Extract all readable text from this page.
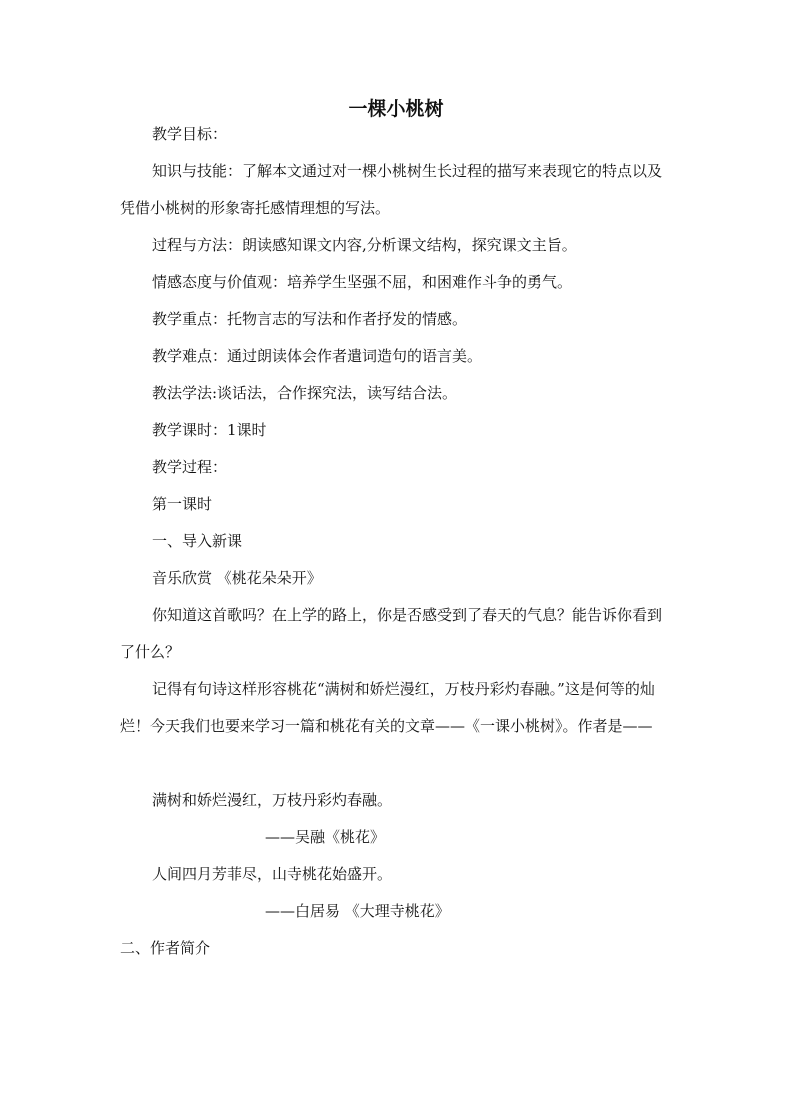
一棵小桃树
教学目标：
知识与技能：了解本文通过对一棵小桃树生长过程的描写来表现它的特点以及凭借小桃树的形象寄托感情理想的写法。
过程与方法：朗读感知课文内容,分析课文结构，探究课文主旨。
情感态度与价值观：培养学生坚强不屈，和困难作斗争的勇气。
教学重点：托物言志的写法和作者抒发的情感。
教学难点：通过朗读体会作者遣词造句的语言美。
教法学法:谈话法，合作探究法，读写结合法。
教学课时：1课时
教学过程：
第一课时
一、导入新课
音乐欣赏 《桃花朵朵开》
你知道这首歌吗？在上学的路上，你是否感受到了春天的气息？能告诉你看到了什么？
记得有句诗这样形容桃花“满树和娇烂漫红，万枝丹彩灼春融。”这是何等的灿烂！今天我们也要来学习一篇和桃花有关的文章——《一课小桃树》。作者是——
满树和娇烂漫红，万枝丹彩灼春融。
——吴融《桃花》
人间四月芳菲尽，山寺桃花始盛开。
——白居易 《大理寺桃花》
二、作者简介
